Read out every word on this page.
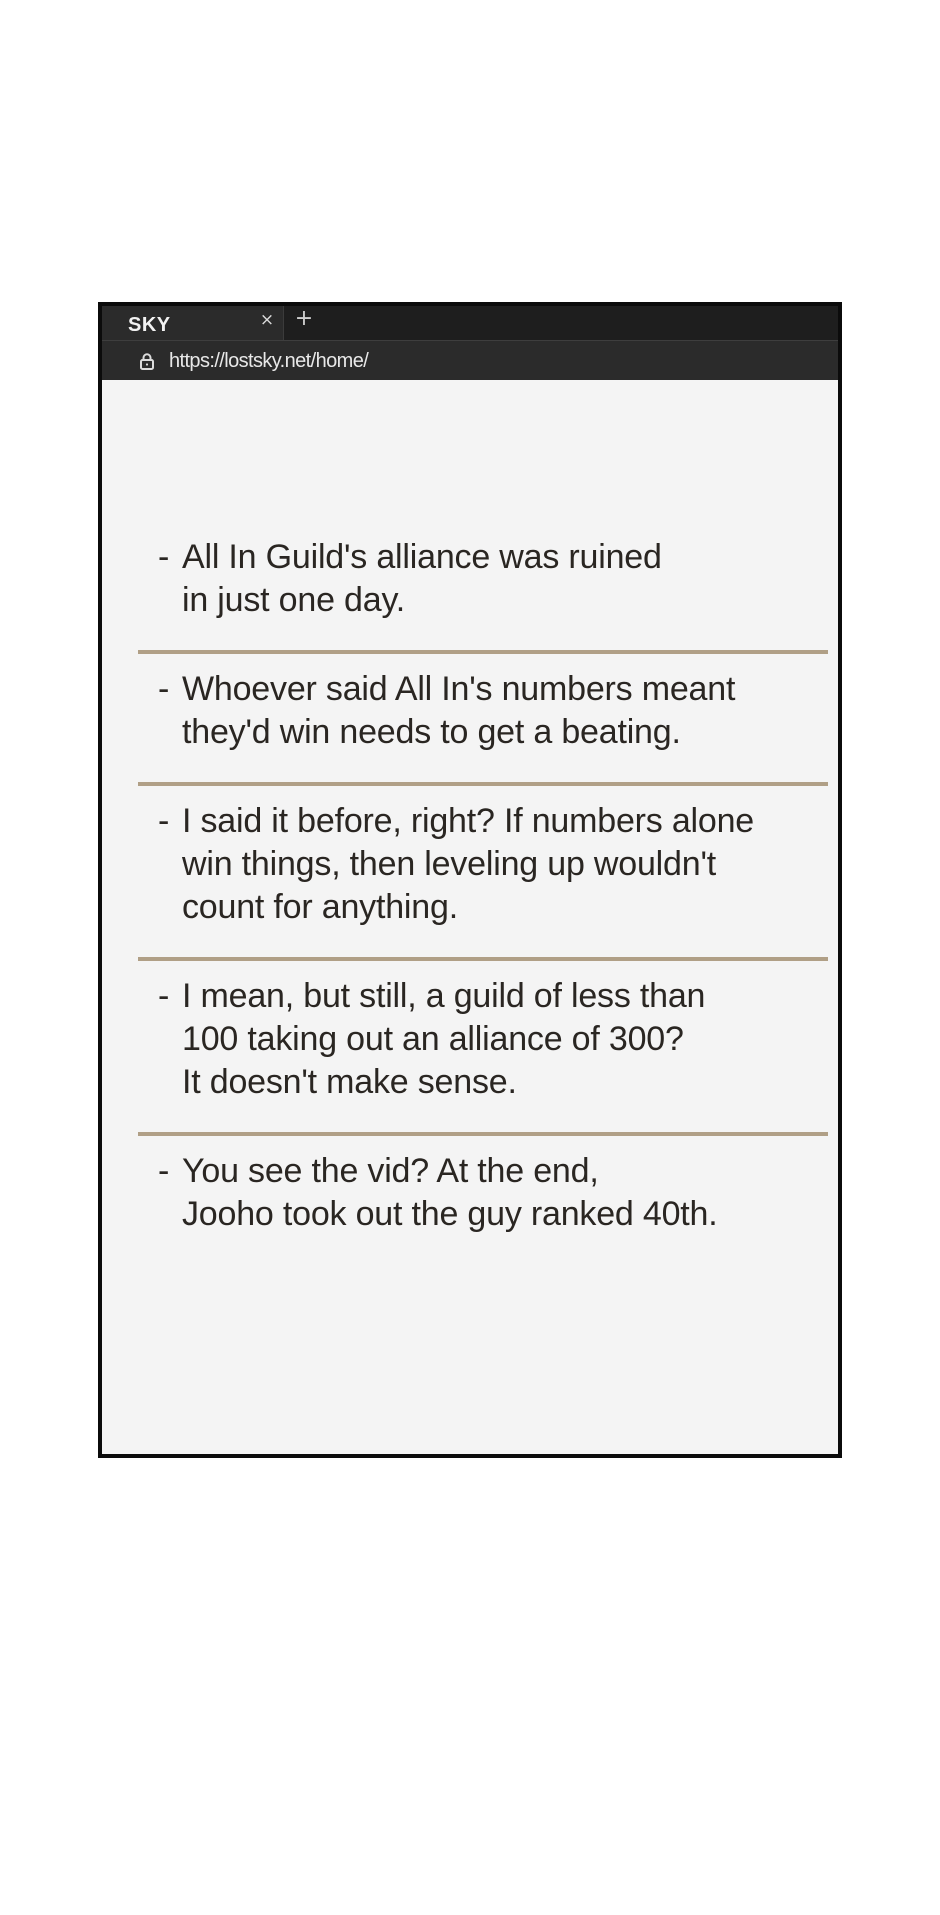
SKY	× +
https://lostsky.net/home/
- All In Guild's alliance was ruined
in just one day.
- Whoever said All In's numbers meant
they'd win needs to get a beating.
- I said it before, right? If numbers alone
win things, then leveling up wouldn't
count for anything.
- I mean, but still, a guild of less than
100 taking out an alliance of 300?
It doesn't make sense.
- You see the vid? At the end,
Jooho took out the guy ranked 40th.
